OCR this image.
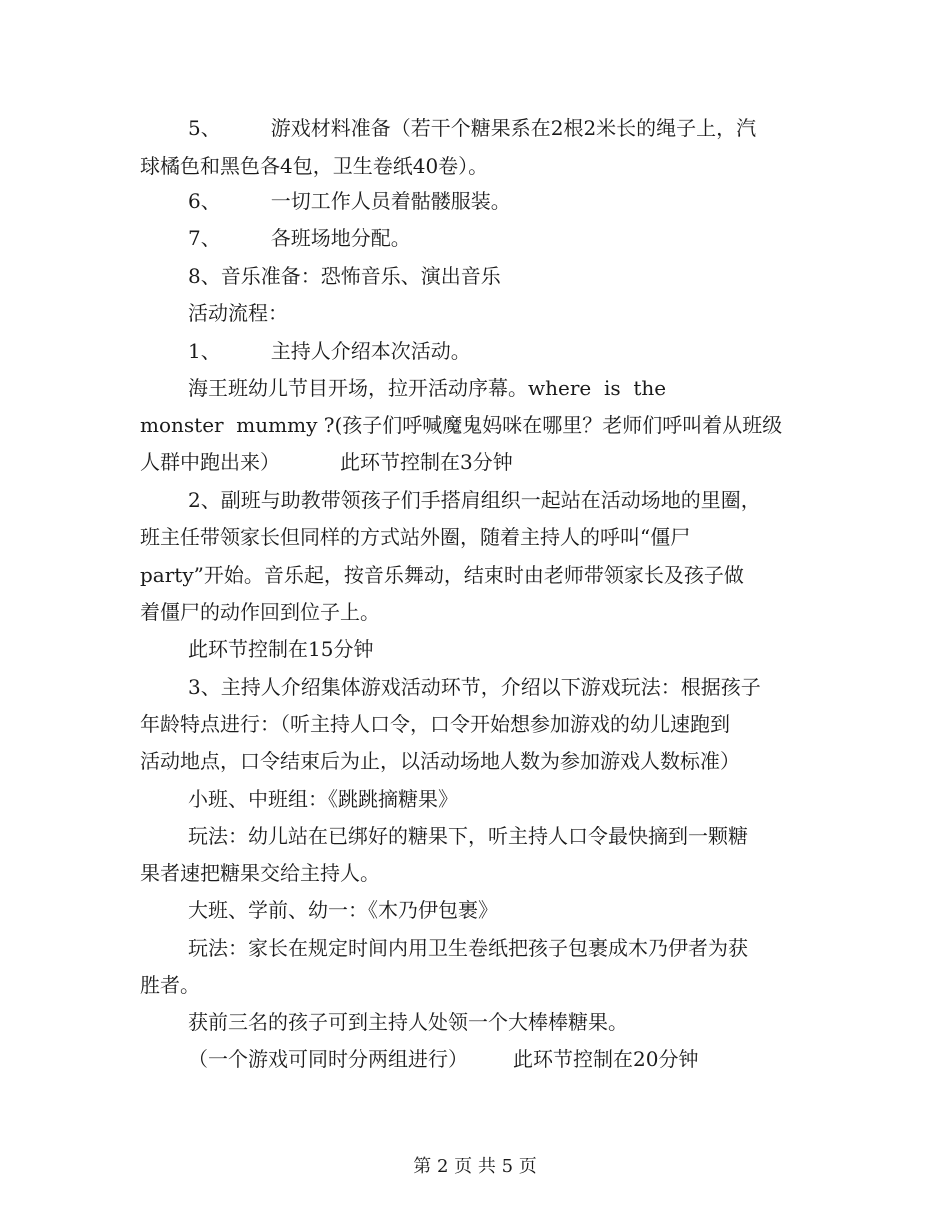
5、	游戏材料准备（若干个糖果系在2根2米长的绳子上，汽
球橘色和黑色各4包，卫生卷纸40卷）。
6、	一切工作人员着骷髅服装。
7、	各班场地分配。
8、音乐准备：恐怖音乐、演出音乐
活动流程：
1、	主持人介绍本次活动。
海王班幼儿节目开场，拉开活动序幕。where  is  the
monster  mummy ?(孩子们呼喊魔鬼妈咪在哪里？老师们呼叫着从班级
人群中跑出来）	此环节控制在3分钟
2、副班与助教带领孩子们手搭肩组织一起站在活动场地的里圈，
班主任带领家长但同样的方式站外圈，随着主持人的呼叫“僵尸
party”开始。音乐起，按音乐舞动，结束时由老师带领家长及孩子做
着僵尸的动作回到位子上。
此环节控制在15分钟
3、主持人介绍集体游戏活动环节，介绍以下游戏玩法：根据孩子
年龄特点进行：（听主持人口令，口令开始想参加游戏的幼儿速跑到
活动地点，口令结束后为止，以活动场地人数为参加游戏人数标准）
小班、中班组：《跳跳摘糖果》
玩法：幼儿站在已绑好的糖果下，听主持人口令最快摘到一颗糖
果者速把糖果交给主持人。
大班、学前、幼一：《木乃伊包裹》
玩法：家长在规定时间内用卫生卷纸把孩子包裹成木乃伊者为获
胜者。
获前三名的孩子可到主持人处领一个大棒棒糖果。
（一个游戏可同时分两组进行） 此环节控制在20分钟
第 2 页 共 5 页
